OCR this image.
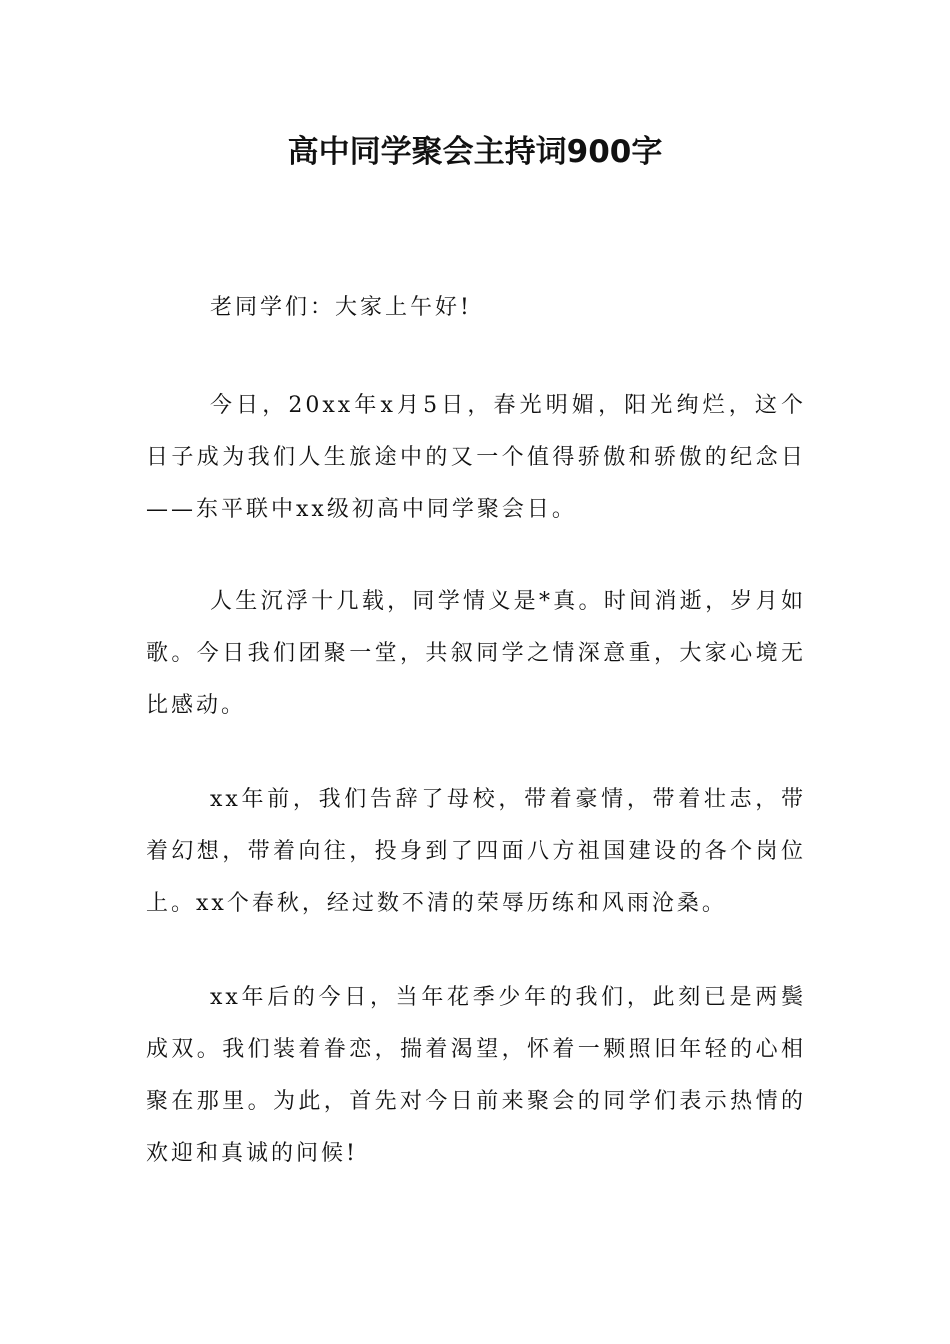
高中同学聚会主持词900字

老同学们：大家上午好!

今日，20xx年x月5日，春光明媚，阳光绚烂，这个日子成为我们人生旅途中的又一个值得骄傲和骄傲的纪念日——东平联中xx级初高中同学聚会日。

人生沉浮十几载，同学情义是*真。时间消逝，岁月如歌。今日我们团聚一堂，共叙同学之情深意重，大家心境无比感动。

xx年前，我们告辞了母校，带着豪情，带着壮志，带着幻想，带着向往，投身到了四面八方祖国建设的各个岗位上。xx个春秋，经过数不清的荣辱历练和风雨沧桑。

xx年后的今日，当年花季少年的我们，此刻已是两鬓成双。我们装着眷恋，揣着渴望，怀着一颗照旧年轻的心相聚在那里。为此，首先对今日前来聚会的同学们表示热情的欢迎和真诚的问候!
